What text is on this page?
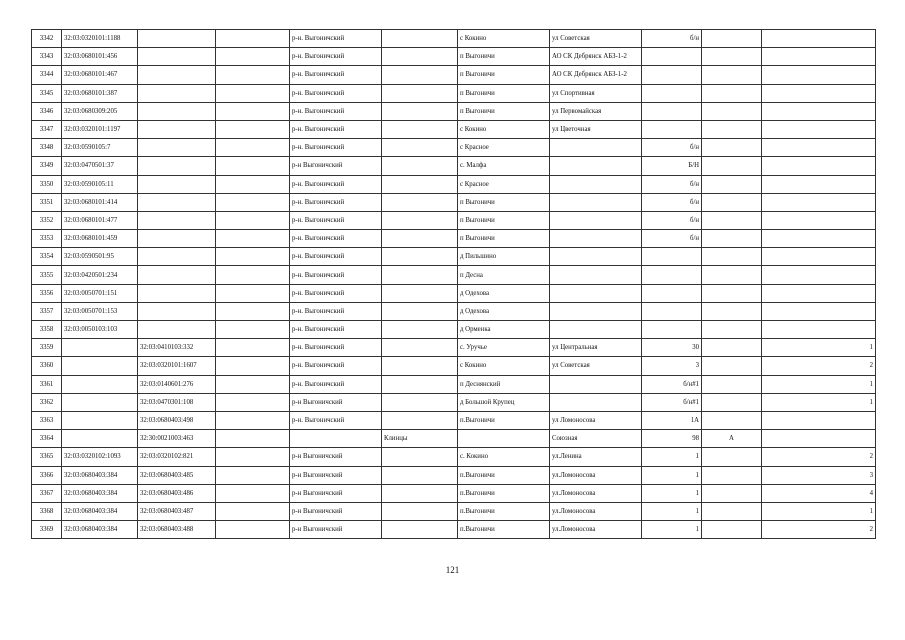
3342	32:03:0320101:1188			р-н. Выгоничский		с Кокино	ул Советская	б/н		
3343	32:03:0680101:456			р-н. Выгоничский		п Выгоничи	АО СК Дебрянск АБЗ-1-2			
3344	32:03:0680101:467			р-н. Выгоничский		п Выгоничи	АО СК Дебрянск АБЗ-1-2			
3345	32:03:0680101:387			р-н. Выгоничский		п Выгоничи	ул Спортивная			
3346	32:03:0680309:205			р-н. Выгоничский		п Выгоничи	ул Первомайская			
3347	32:03:0320101:1197			р-н. Выгоничский		с Кокино	ул Цветочная			
3348	32:03:0590105:7			р-н. Выгоничский		с Красное		б/н		
3349	32:03:0470501:37			р-н Выгоничский		с. Малфа		Б/Н		
3350	32:03:0590105:11			р-н. Выгоничский		с Красное		б/н		
3351	32:03:0680101:414			р-н. Выгоничский		п Выгоничи		б/н		
3352	32:03:0680101:477			р-н. Выгоничский		п Выгоничи		б/н		
3353	32:03:0680101:459			р-н. Выгоничский		п Выгоничи		б/н		
3354	32:03:0590501:95			р-н. Выгоничский		д Пильшино				
3355	32:03:0420501:234			р-н. Выгоничский		п Десна				
3356	32:03:0050701:151			р-н. Выгоничский		д Одехова				
3357	32:03:0050701:153			р-н. Выгоничский		д Одехова				
3358	32:03:0050103:103			р-н. Выгоничский		д Орменка				
3359		32:03:0410103:332		р-н. Выгоничский		с. Уручье	ул Центральная	30		1
3360		32:03:0320101:1607		р-н. Выгоничский		с Кокино	ул Советская	3		2
3361		32:03:0140601:276		р-н. Выгоничский		п Деснянский		б/н#1		1
3362		32:03:0470301:108		р-н Выгоничский		д Большой Крупец		б/н#1		1
3363		32:03:0680403:498		р-н. Выгоничский		п.Выгоничи	ул Ломоносова	1А		
3364		32:30:0021003:463			Клинцы		Союзная	98	А	
3365	32:03:0320102:1093	32:03:0320102:821		р-н Выгоничский		с. Кокино	ул.Ленина	1		2
3366	32:03:0680403:384	32:03:0680403:485		р-н Выгоничский		п.Выгоничи	ул.Ломоносова	1		3
3367	32:03:0680403:384	32:03:0680403:486		р-н Выгоничский		п.Выгоничи	ул.Ломоносова	1		4
3368	32:03:0680403:384	32:03:0680403:487		р-н Выгоничский		п.Выгоничи	ул.Ломоносова	1		1
3369	32:03:0680403:384	32:03:0680403:488		р-н Выгоничский		п.Выгоничи	ул.Ломоносова	1		2
121
